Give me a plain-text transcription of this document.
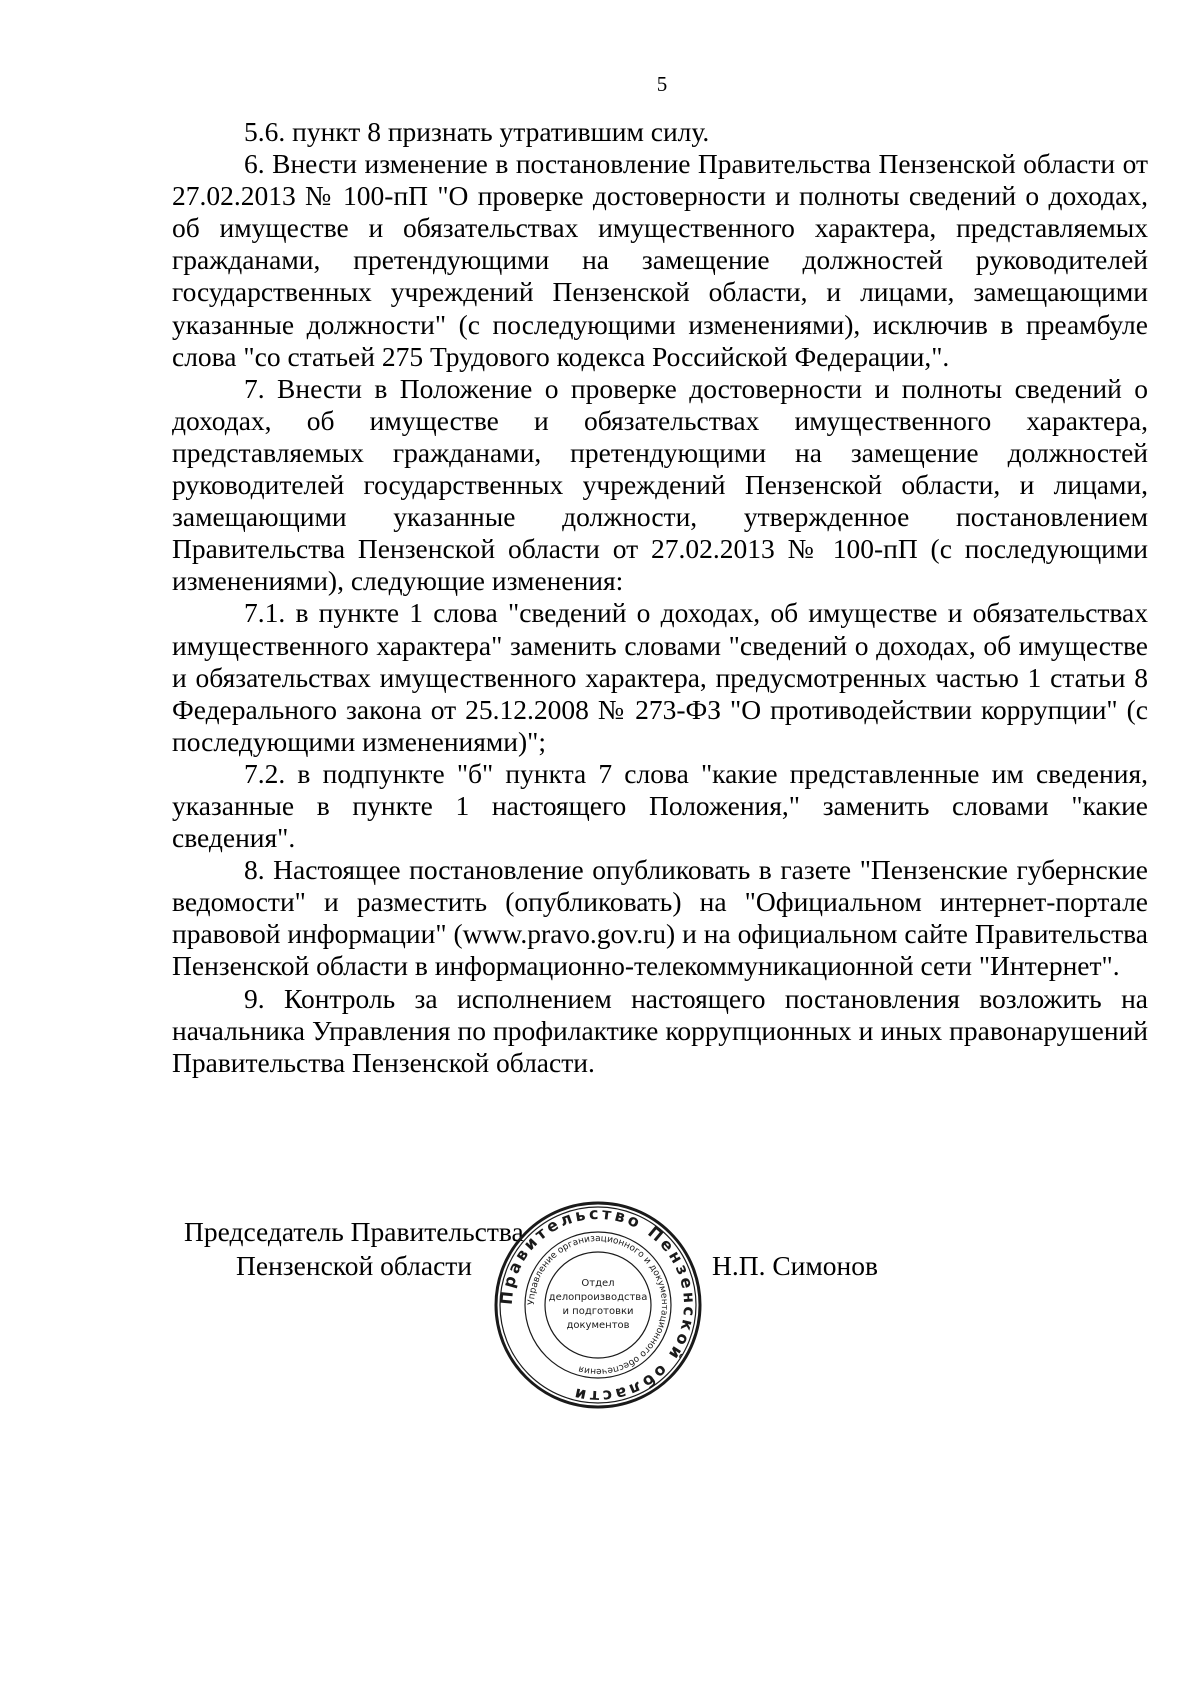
5

5.6. пункт 8 признать утратившим силу.

6. Внести изменение в постановление Правительства Пензенской области от 27.02.2013 № 100-пП "О проверке достоверности и полноты сведений о доходах, об имуществе и обязательствах имущественного характера, представляемых гражданами, претендующими на замещение должностей руководителей государственных учреждений Пензенской области, и лицами, замещающими указанные должности" (с последующими изменениями), исключив в преамбуле слова "со статьей 275 Трудового кодекса Российской Федерации,".

7. Внести в Положение о проверке достоверности и полноты сведений о доходах, об имуществе и обязательствах имущественного характера, представляемых гражданами, претендующими на замещение должностей руководителей государственных учреждений Пензенской области, и лицами, замещающими указанные должности, утвержденное постановлением Правительства Пензенской области от 27.02.2013 № 100-пП (с последующими изменениями), следующие изменения:

7.1. в пункте 1 слова "сведений о доходах, об имуществе и обязательствах имущественного характера" заменить словами "сведений о доходах, об имуществе и обязательствах имущественного характера, предусмотренных частью 1 статьи 8 Федерального закона от 25.12.2008 № 273-ФЗ "О противодействии коррупции" (с последующими изменениями)";

7.2. в подпункте "б" пункта 7 слова "какие представленные им сведения, указанные в пункте 1 настоящего Положения," заменить словами "какие сведения".

8. Настоящее постановление опубликовать в газете "Пензенские губернские ведомости" и разместить (опубликовать) на "Официальном интернет-портале правовой информации" (www.pravo.gov.ru) и на официальном сайте Правительства Пензенской области в информационно-телекоммуникационной сети "Интернет".

9. Контроль за исполнением настоящего постановления возложить на начальника Управления по профилактике коррупционных и иных правонарушений Правительства Пензенской области.

Председатель Правительства
Пензенской области	Н.П. Симонов
Правительство Пензенской области
Управление организационного и документационного обеспечения
Отдел
делопроизводства
и подготовки
документов
